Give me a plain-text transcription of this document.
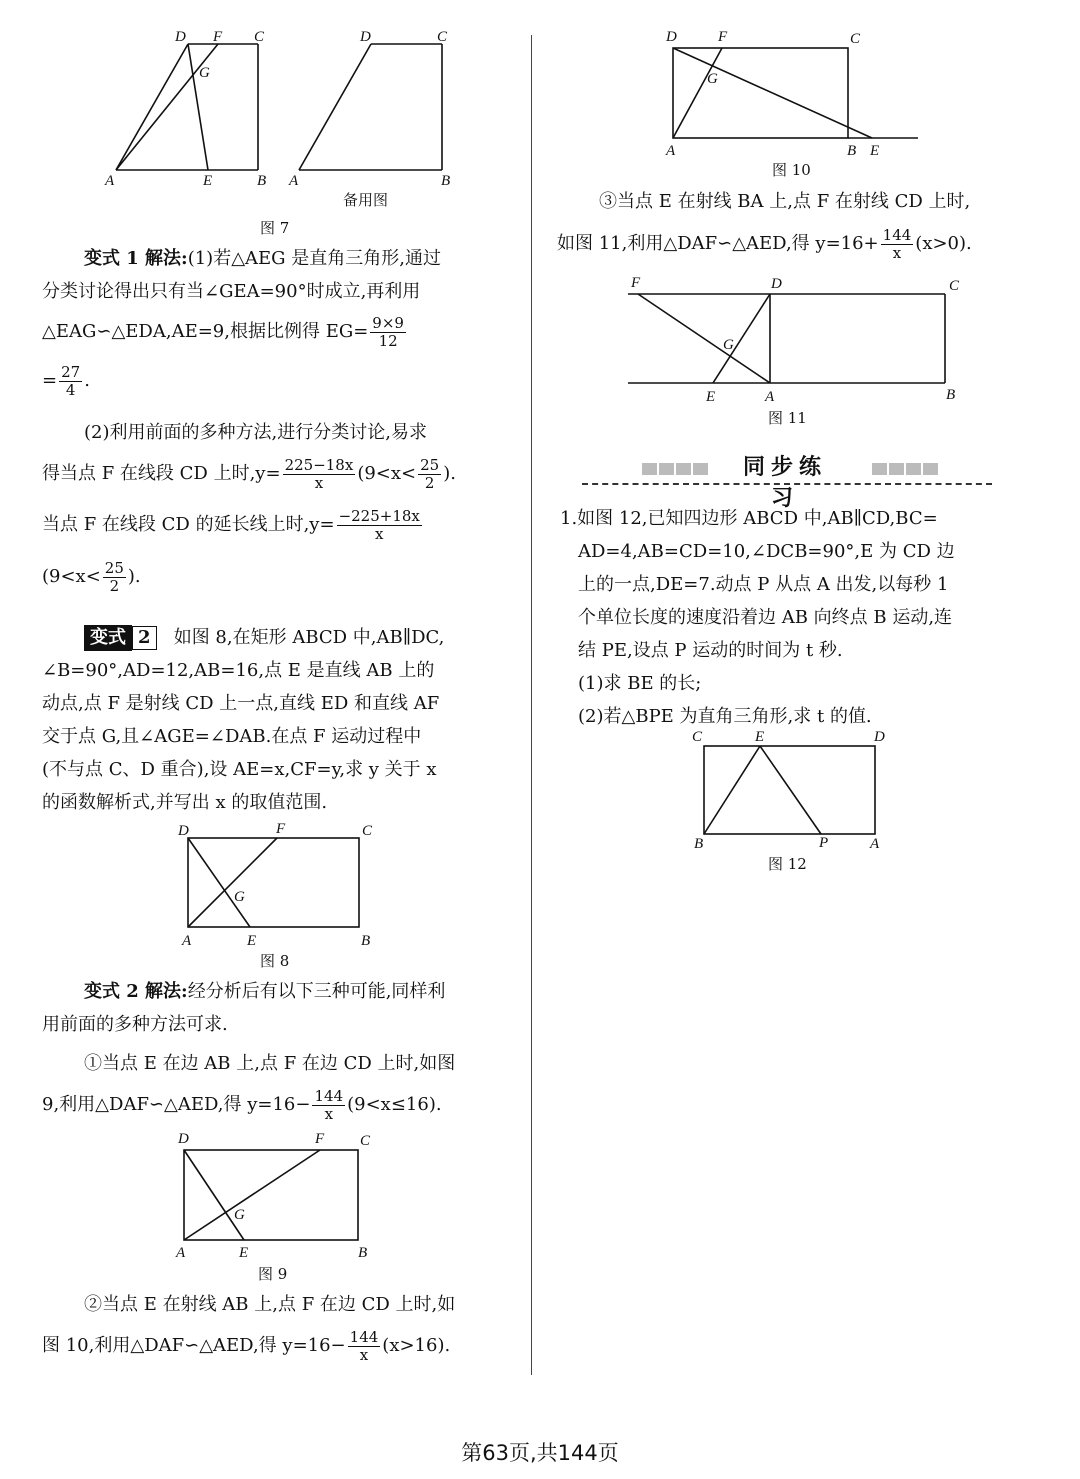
D F C
G
A	E	B
图 7
D	C
A	B
备用图

变式 1 解法:(1)若△AEG 是直角三角形,通过

分类讨论得出只有当∠GEA=90°时成立,再利用

△EAG∽△EDA,AE=9,根据比例得 $EG= \frac{9\times 9}{12}$

= $\frac{27}{4}$ .

(2)利用前面的多种方法,进行分类讨论,易求

得当点 F 在线段 CD 上时$,y= \frac{225-18x}{x} (9<x< \frac{25}{2}$ ).

当点 F 在线段 CD 的延长线上时$,y= \frac{-225+18x}{x}$

($9<x< \frac{25}{2}$ ).

变式 2 如图 8,在矩形 ABCD 中,AB∥DC,

∠B=90°,AD=12,AB=16,点 E 是直线 AB 上的

动点,点 F 是射线 CD 上一点,直线 ED 和直线 AF

交于点 G,且∠AGE=∠DAB.在点 F 运动过程中

(不与点 C、D 重合),设 AE=x,CF=y,求 y 关于 x

的函数解析式,并写出 x 的取值范围.

D	F	C
G
A	E	B
图 8

变式 2 解法:经分析后有以下三种可能,同样利

用前面的多种方法可求.

①当点 E 在边 AB 上,点 F 在边 CD 上时,如图

9,利用△DAF∽△AED,得 $y=16- \frac{144}{x} (9<x\le 16)$.

D	F C
G
A	E	B
图 9

②当点 E 在射线 AB 上,点 F 在边 CD 上时,如

图 10,利用△DAF∽△AED,得 $y=16- \frac{144}{x} (x>16)$.

D	F	C
G
A	B E
图 10

③当点 E 在射线 BA 上,点 F 在射线 CD 上时,

如图 11,利用△DAF∽△AED,得 $y=16+ \frac{144}{x} (x>0)$.

F	D	C
G
E	A	B
图 11
同步练习

1.如图 12,已知四边形 ABCD 中,AB∥CD,BC=

AD=4,AB=CD=10,∠DCB=90°,E 为 CD 边

上的一点,DE=7.动点 P 从点 A 出发,以每秒 1

个单位长度的速度沿着边 AB 向终点 B 运动,连

结 PE,设点 P 运动的时间为 t 秒.

(1)求 BE 的长;

(2)若△BPE 为直角三角形,求 t 的值.

C	E	D
B	P	A
图 12
第63页,共144页
